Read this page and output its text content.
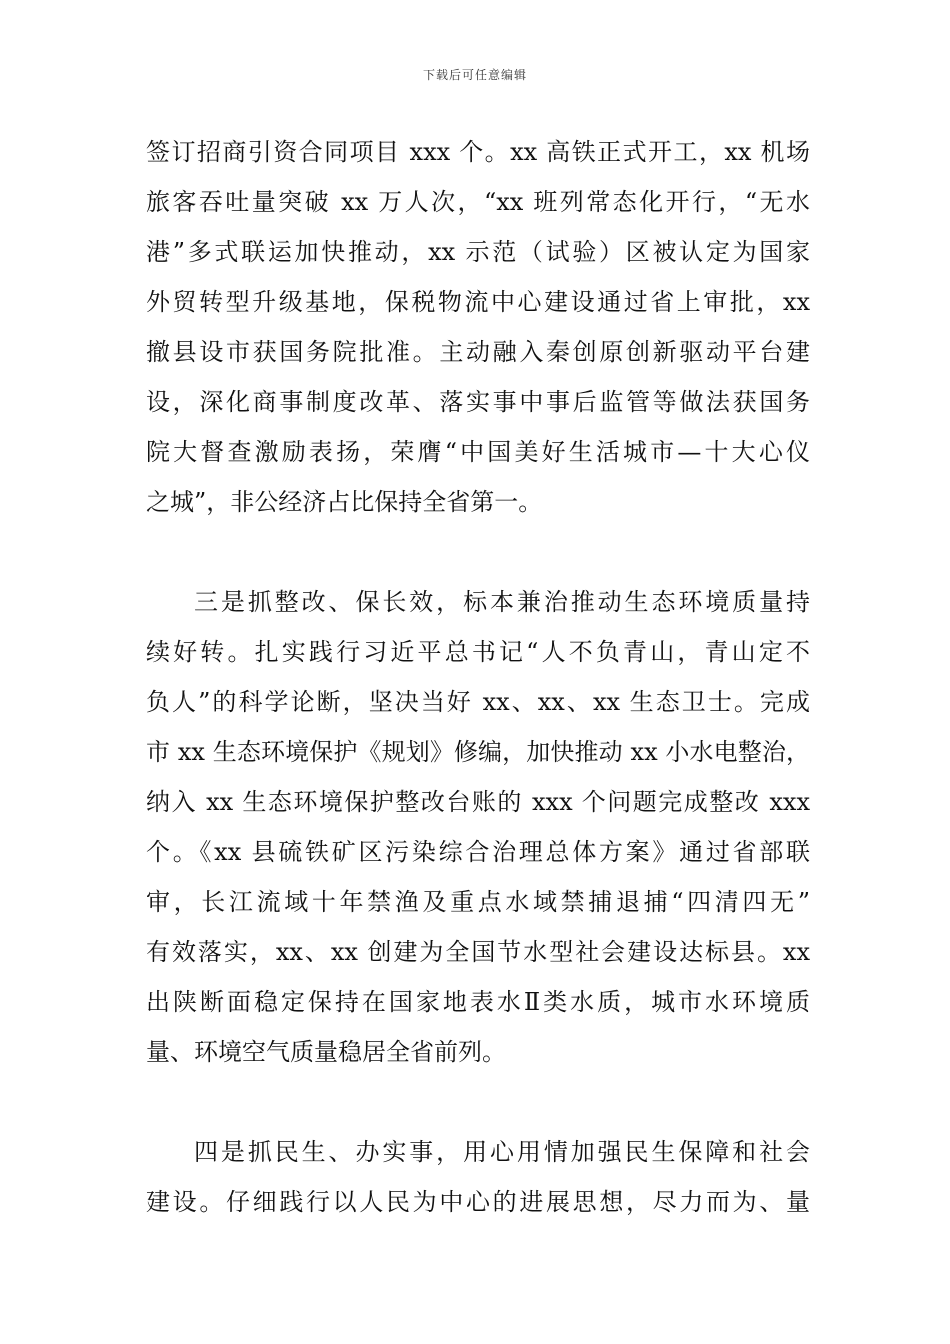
下载后可任意编辑
签订招商引资合同项目 xxx 个。xx 高铁正式开工，xx 机场
旅客吞吐量突破 xx 万人次，“xx 班列常态化开行，“无水
港”多式联运加快推动，xx 示范（试验）区被认定为国家
外贸转型升级基地，保税物流中心建设通过省上审批，xx
撤县设市获国务院批准。主动融入秦创原创新驱动平台建
设，深化商事制度改革、落实事中事后监管等做法获国务
院大督查激励表扬，荣膺“中国美好生活城市—十大心仪
之城”，非公经济占比保持全省第一。
三是抓整改、保长效，标本兼治推动生态环境质量持
续好转。扎实践行习近平总书记“人不负青山，青山定不
负人”的科学论断，坚决当好 xx、xx、xx 生态卫士。完成
市 xx 生态环境保护《规划》修编，加快推动 xx 小水电整治，
纳入 xx 生态环境保护整改台账的 xxx 个问题完成整改 xxx
个。《xx 县硫铁矿区污染综合治理总体方案》通过省部联
审，长江流域十年禁渔及重点水域禁捕退捕“四清四无”
有效落实，xx、xx 创建为全国节水型社会建设达标县。xx
出陕断面稳定保持在国家地表水Ⅱ类水质，城市水环境质
量、环境空气质量稳居全省前列。
四是抓民生、办实事，用心用情加强民生保障和社会
建设。仔细践行以人民为中心的进展思想，尽力而为、量
